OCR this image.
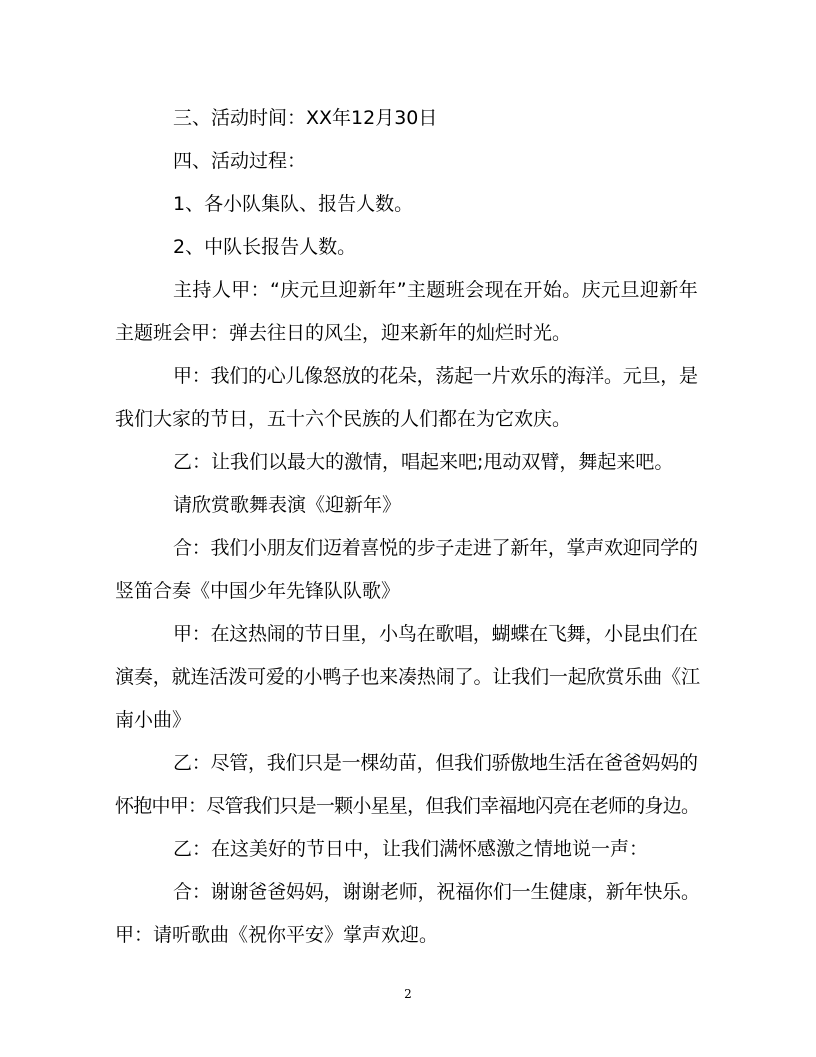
三、活动时间：XX年12月30日
四、活动过程：
1、各小队集队、报告人数。
2、中队长报告人数。
主持人甲：“庆元旦迎新年”主题班会现在开始。庆元旦迎新年
主题班会甲：弹去往日的风尘，迎来新年的灿烂时光。
甲：我们的心儿像怒放的花朵，荡起一片欢乐的海洋。元旦，是
我们大家的节日，五十六个民族的人们都在为它欢庆。
乙：让我们以最大的激情，唱起来吧;甩动双臂，舞起来吧。
请欣赏歌舞表演《迎新年》
合：我们小朋友们迈着喜悦的步子走进了新年，掌声欢迎同学的
竖笛合奏《中国少年先锋队队歌》
甲：在这热闹的节日里，小鸟在歌唱，蝴蝶在飞舞，小昆虫们在
演奏，就连活泼可爱的小鸭子也来凑热闹了。让我们一起欣赏乐曲《江
南小曲》
乙：尽管，我们只是一棵幼苗，但我们骄傲地生活在爸爸妈妈的
怀抱中甲：尽管我们只是一颗小星星，但我们幸福地闪亮在老师的身边。
乙：在这美好的节日中，让我们满怀感激之情地说一声：
合：谢谢爸爸妈妈，谢谢老师，祝福你们一生健康，新年快乐。
甲：请听歌曲《祝你平安》掌声欢迎。
2
